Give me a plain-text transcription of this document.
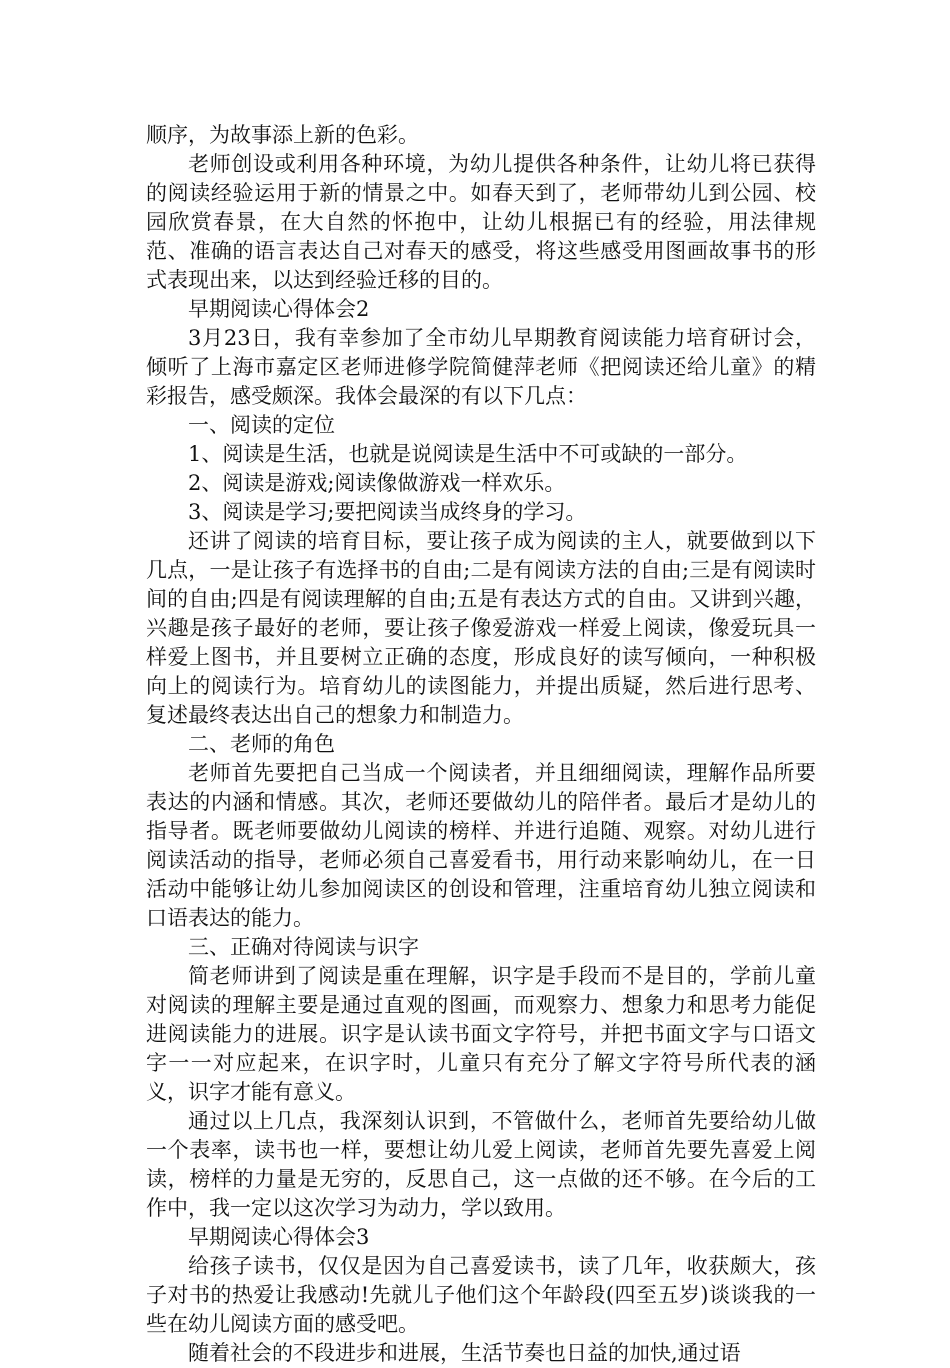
顺序，为故事添上新的色彩。

老师创设或利用各种环境，为幼儿提供各种条件，让幼儿将已获得的阅读经验运用于新的情景之中。如春天到了，老师带幼儿到公园、校园欣赏春景，在大自然的怀抱中，让幼儿根据已有的经验，用法律规范、准确的语言表达自己对春天的感受，将这些感受用图画故事书的形式表现出来，以达到经验迁移的目的。

早期阅读心得体会2

3月23日，我有幸参加了全市幼儿早期教育阅读能力培育研讨会，倾听了上海市嘉定区老师进修学院简健萍老师《把阅读还给儿童》的精彩报告，感受颇深。我体会最深的有以下几点：

一、阅读的定位

1、阅读是生活，也就是说阅读是生活中不可或缺的一部分。

2、阅读是游戏;阅读像做游戏一样欢乐。

3、阅读是学习;要把阅读当成终身的学习。

还讲了阅读的培育目标，要让孩子成为阅读的主人，就要做到以下几点，一是让孩子有选择书的自由;二是有阅读方法的自由;三是有阅读时间的自由;四是有阅读理解的自由;五是有表达方式的自由。又讲到兴趣，兴趣是孩子最好的老师，要让孩子像爱游戏一样爱上阅读，像爱玩具一样爱上图书，并且要树立正确的态度，形成良好的读写倾向，一种积极向上的阅读行为。培育幼儿的读图能力，并提出质疑，然后进行思考、复述最终表达出自己的想象力和制造力。

二、老师的角色

老师首先要把自己当成一个阅读者，并且细细阅读，理解作品所要表达的内涵和情感。其次，老师还要做幼儿的陪伴者。最后才是幼儿的指导者。既老师要做幼儿阅读的榜样、并进行追随、观察。对幼儿进行阅读活动的指导，老师必须自己喜爱看书，用行动来影响幼儿，在一日活动中能够让幼儿参加阅读区的创设和管理，注重培育幼儿独立阅读和口语表达的能力。

三、正确对待阅读与识字

简老师讲到了阅读是重在理解，识字是手段而不是目的，学前儿童对阅读的理解主要是通过直观的图画，而观察力、想象力和思考力能促进阅读能力的进展。识字是认读书面文字符号，并把书面文字与口语文字一一对应起来，在识字时，儿童只有充分了解文字符号所代表的涵义，识字才能有意义。

通过以上几点，我深刻认识到，不管做什么，老师首先要给幼儿做一个表率，读书也一样，要想让幼儿爱上阅读，老师首先要先喜爱上阅读，榜样的力量是无穷的，反思自己，这一点做的还不够。在今后的工作中，我一定以这次学习为动力，学以致用。

早期阅读心得体会3

给孩子读书，仅仅是因为自己喜爱读书，读了几年，收获颇大，孩子对书的热爱让我感动!先就儿子他们这个年龄段(四至五岁)谈谈我的一些在幼儿阅读方面的感受吧。

随着社会的不段进步和进展，生活节奏也日益的加快,通过语
